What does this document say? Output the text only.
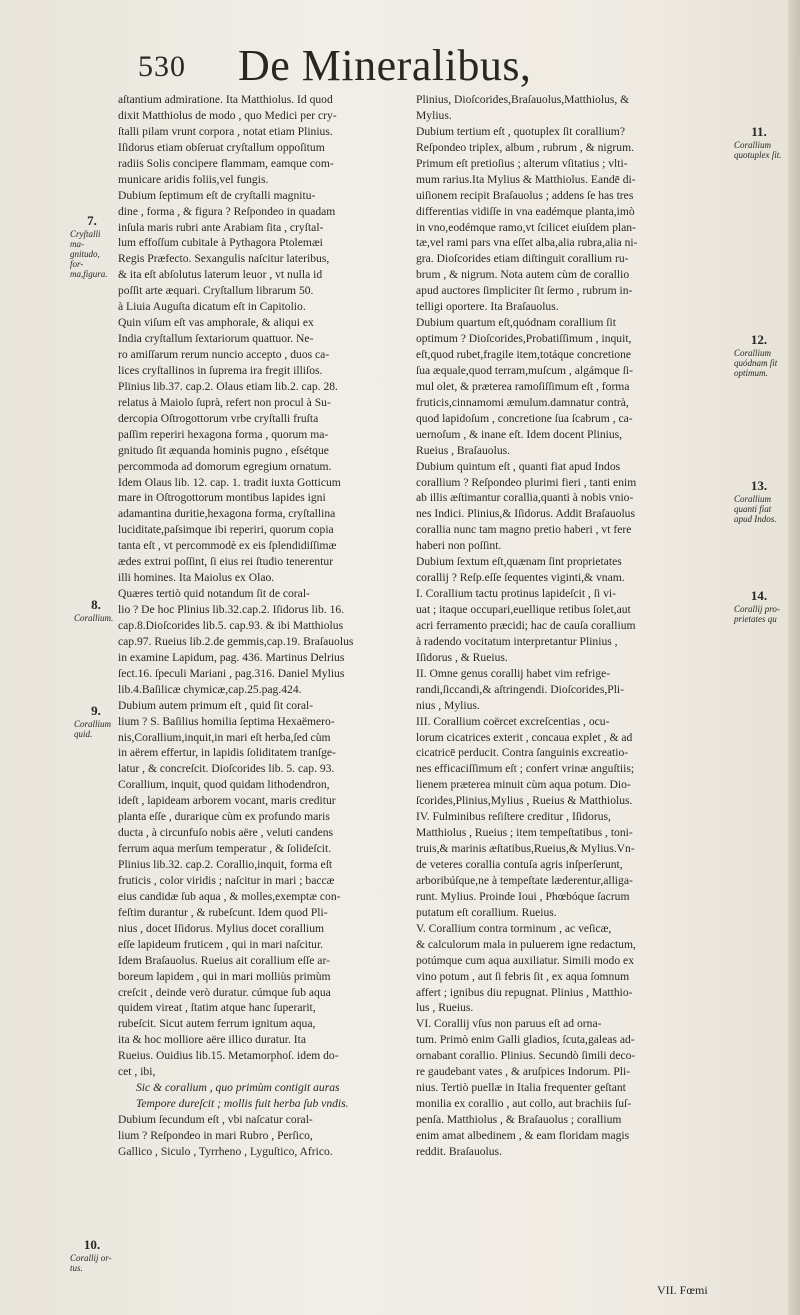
530 De Mineralibus,
aſtantium admiratione. Ita Matthiolus. Id quod
dixit Matthiolus de modo , quo Medici per cry-
ſtalli pilam vrunt corpora , notat etiam Plinius.
Iſidorus etiam obſeruat cryſtallum oppoſitum
radiis Solis concipere flammam, eamque com-
municare aridis foliis,vel fungis.
Dubium ſeptimum eſt de cryſtalli magnitu-
dine , forma , & figura ? Reſpondeo in quadam
inſula maris rubri ante Arabiam ſita , cryſtal-
lum effoſſum cubitale à Pythagora Ptolemæi
Regis Præfecto. Sexangulis naſcitur lateribus,
& ita eſt abſolutus laterum leuor , vt nulla id
poſſit arte æquari. Cryſtallum librarum 50.
à Liuia Auguſta dicatum eſt in Capitolio.
Quin viſum eſt vas amphorale, & aliqui ex
India cryſtallum ſextariorum quattuor. Ne-
ro amiſſarum rerum nuncio accepto , duos ca-
lices cryſtallinos in ſuprema ira fregit illiſos.
Plinius lib.37. cap.2. Olaus etiam lib.2. cap. 28.
relatus à Maiolo ſuprà, refert non procul à Su-
dercopia Oſtrogottorum vrbe cryſtalli fruſta
paſſim reperiri hexagona forma , quorum ma-
gnitudo ſit æquanda hominis pugno , eſsétque
percommoda ad domorum egregium ornatum.
Idem Olaus lib. 12. cap. 1. tradit iuxta Gotticum
mare in Oſtrogottorum montibus lapides igni
adamantina duritie,hexagona forma, cryſtallina
luciditate,paſsimque ibi reperiri, quorum copia
tanta eſt , vt percommodè ex eis ſplendidiſſimæ
ædes extrui poſſint, ſi eius rei ſtudio tenerentur
illi homines. Ita Maiolus ex Olao.
Quæres tertiò quid notandum ſit de coral-
lio ? De hoc Plinius lib.32.cap.2. Iſidorus lib. 16.
cap.8.Dioſcorides lib.5. cap.93. & ibi Matthiolus
cap.97. Rueius lib.2.de gemmis,cap.19. Braſauolus
in examine Lapidum, pag. 436. Martinus Delrius
ſect.16. ſpeculi Mariani , pag.316. Daniel Mylius
lib.4.Baſilicæ chymicæ,cap.25.pag.424.
Dubium autem primum eſt , quid ſit coral-
lium ? S. Baſilius homilia ſeptima Hexaëmero-
nis,Corallium,inquit,in mari eſt herba,ſed cùm
in aërem effertur, in lapidis ſoliditatem tranſge-
latur , & concreſcit. Dioſcorides lib. 5. cap. 93.
Corallium, inquit, quod quidam lithodendron,
ideſt , lapideam arborem vocant, maris creditur
planta eſſe , durarique cùm ex profundo maris
ducta , à circunfuſo nobis aëre , veluti candens
ferrum aqua merſum temperatur , & ſolideſcit.
Plinius lib.32. cap.2. Corallio,inquit, forma eſt
fruticis , color viridis ; naſcitur in mari ; baccæ
eius candidæ ſub aqua , & molles,exemptæ con-
feſtim durantur , & rubeſcunt. Idem quod Pli-
nius , docet Iſidorus. Mylius docet corallium
eſſe lapideum fruticem , qui in mari naſcitur.
Idem Braſauolus. Rueius ait corallium eſſe ar-
boreum lapidem , qui in mari molliùs primùm
creſcit , deinde verò duratur. cúmque ſub aqua
quidem vireat , ſtatim atque hanc ſuperarit,
rubeſcit. Sicut autem ferrum ignitum aqua,
ita & hoc molliore aëre illico duratur. Ita
Rueius. Ouidius lib.15. Metamorphoſ. idem do-
cet , ibi,
Sic & coralium , quo primùm contigit auras
Tempore dureſcit ; mollis fuit herba ſub vndis.
Dubium ſecundum eſt , vbi naſcatur coral-
lium ? Reſpondeo in mari Rubro , Perſico,
Gallico , Siculo , Tyrrheno , Lyguſtico, Africo.
Plinius, Dioſcorides,Braſauolus,Matthiolus, &
Mylius.
Dubium tertium eſt , quotuplex ſit corallium?
Reſpondeo triplex, album , rubrum , & nigrum.
Primum eſt pretioſius ; alterum vſitatius ; vlti-
mum rarius.Ita Mylius & Matthiolus. Eandē di-
uiſionem recipit Braſauolus ; addens ſe has tres
differentias vidiſſe in vna eadémque planta,imò
in vno,eodémque ramo,vt ſcilicet eiuſdem plan-
tæ,vel rami pars vna eſſet alba,alia rubra,alia ni-
gra. Dioſcorides etiam diſtinguit corallium ru-
brum , & nigrum. Nota autem cùm de corallio
apud auctores ſimpliciter ſit ſermo , rubrum in-
telligi oportere. Ita Braſauolus.
Dubium quartum eſt,quódnam corallium ſit
optimum ? Dioſcorides,Probatiſſimum , inquit,
eſt,quod rubet,fragile item,totáque concretione
ſua æquale,quod terram,muſcum , algámque ſi-
mul olet, & præterea ramoſiſſimum eſt , forma
fruticis,cinnamomi æmulum.damnatur contrà,
quod lapidoſum , concretione ſua ſcabrum , ca-
uernoſum , & inane eſt. Idem docent Plinius,
Rueius , Braſauolus.
Dubium quintum eſt , quanti fiat apud Indos
corallium ? Reſpondeo plurimi fieri , tanti enim
ab illis æſtimantur corallia,quanti à nobis vnio-
nes Indici. Plinius,& Iſidorus. Addit Braſauolus
corallia nunc tam magno pretio haberi , vt fere
haberi non poſſint.
Dubium ſextum eſt,quænam ſint proprietates
corallij ? Reſp.eſſe ſequentes viginti,& vnam.
I. Corallium tactu protinus lapideſcit , ſi vi-
uat ; itaque occupari,euellique retibus ſolet,aut
acri ferramento præcidi; hac de cauſa corallium
à radendo vocitatum interpretantur Plinius ,
Iſidorus , & Rueius.
II. Omne genus corallij habet vim refrige-
randi,ſiccandi,& aſtringendi. Dioſcorides,Pli-
nius , Mylius.
III. Corallium coërcet excreſcentias , ocu-
lorum cicatrices exterit , concaua explet , & ad
cicatricē perducit. Contra ſanguinis excreatio-
nes efficaciſſimum eſt ; confert vrinæ anguſtiis;
lienem præterea minuit cùm aqua potum. Dio-
ſcorides,Plinius,Mylius , Rueius & Matthiolus.
IV. Fulminibus reſiſtere creditur , Iſidorus,
Matthiolus , Rueius ; item tempeſtatibus , toni-
truis,& marinis æſtatibus,Rueius,& Mylius.Vn-
de veteres corallia contuſa agris inſperſerunt,
arboribúſque,ne à tempeſtate læderentur,alliga-
runt. Mylius. Proinde Ioui , Phœbóque ſacrum
putatum eſt corallium. Rueius.
V. Corallium contra torminum , ac veſicæ,
& calculorum mala in puluerem igne redactum,
potúmque cum aqua auxiliatur. Simili modo ex
vino potum , aut ſi febris ſit , ex aqua ſomnum
affert ; ignibus diu repugnat. Plinius , Matthio-
lus , Rueius.
VI. Corallij vſus non paruus eſt ad orna-
tum. Primò enim Galli gladios, ſcuta,galeas ad-
ornabant corallio. Plinius. Secundò ſimili deco-
re gaudebant vates , & aruſpices Indorum. Pli-
nius. Tertiò puellæ in Italia frequenter geſtant
monilia ex corallio , aut collo, aut brachiis ſuſ-
penſa. Matthiolus , & Braſauolus ; corallium
enim amat albedinem , & eam floridam magis
reddit. Braſauolus.
7.
Cryſtalli ma- gnitudo, for- ma,figura.
8.
Corallium.
9.
Corallium quid.
10.
Corallij or- tus.
11.
Corallium quotuplex ſit.
12.
Corallium quódnam ſit optimum.
13.
Corallium quanti fiat apud Indos.
14.
Corallij pro- prietates qu
VII. Fœmi
